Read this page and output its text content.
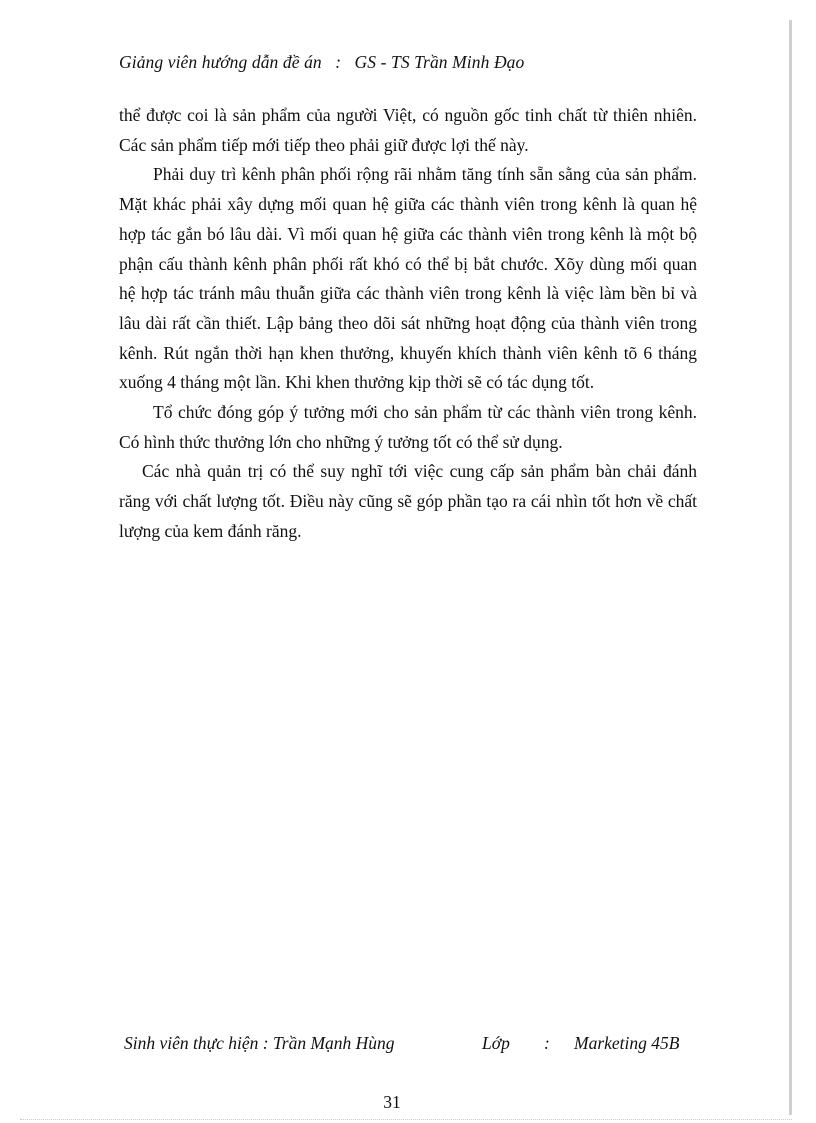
Giảng viên hướng dẫn đề án   :   GS - TS Trần Minh Đạo

thể được coi là sản phẩm của người Việt, có nguồn gốc tinh chất từ thiên nhiên. Các sản phẩm tiếp mới tiếp theo phải giữ được lợi thế này.

Phải duy trì kênh phân phối rộng rãi nhằm tăng tính sẵn sằng của sản phẩm. Mặt khác phải xây dựng mối quan hệ giữa các thành viên trong kênh là quan hệ hợp tác gắn bó lâu dài. Vì mối quan hệ giữa các thành viên trong kênh là một bộ phận cấu thành kênh phân phối rất khó có thể bị bắt chước. Xõy dùng mối quan hệ hợp tác tránh mâu thuẫn giữa các thành viên trong kênh là việc làm bền bỉ và lâu dài rất cần thiết. Lập bảng theo dõi sát những hoạt động của thành viên trong kênh. Rút ngắn thời hạn khen thưởng, khuyến khích thành viên kênh tõ 6 tháng xuống 4 tháng một lần. Khi khen thưởng kịp thời sẽ có tác dụng tốt.

Tổ chức đóng góp ý tưởng mới cho sản phẩm từ các thành viên trong kênh. Có hình thức thưởng lớn cho những ý tưởng tốt có thể sử dụng.

Các nhà quản trị có thể suy nghĩ tới việc cung cấp sản phẩm bàn chải đánh răng với chất lượng tốt. Điều này cũng sẽ góp phần tạo ra cái nhìn tốt hơn về chất lượng của kem đánh răng.

Sinh viên thực hiện : Trần Mạnh Hùng	Lớp : Marketing 45B
31
